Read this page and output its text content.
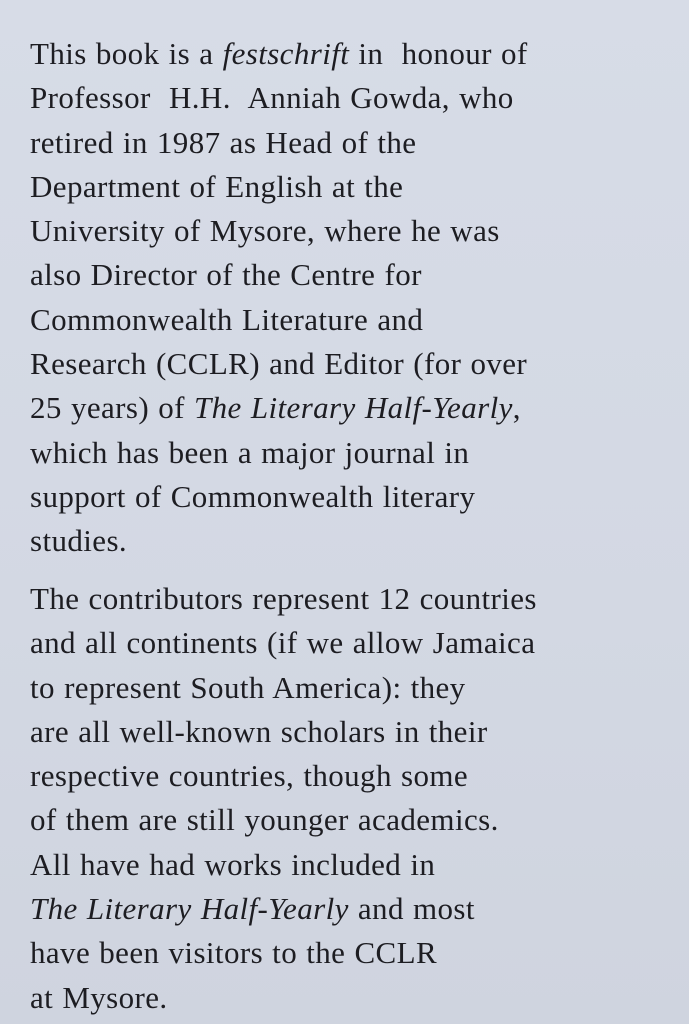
This book is a festschrift in  honour of
Professor  H.H.  Anniah Gowda, who
retired in 1987 as Head of the
Department of English at the
University of Mysore, where he was
also Director of the Centre for
Commonwealth Literature and
Research (CCLR) and Editor (for over
25 years) of The Literary Half-Yearly,
which has been a major journal in
support of Commonwealth literary
studies.
The contributors represent 12 countries
and all continents (if we allow Jamaica
to represent South America): they
are all well-known scholars in their
respective countries, though some
of them are still younger academics.
All have had works included in
The Literary Half-Yearly and most
have been visitors to the CCLR
at Mysore.
